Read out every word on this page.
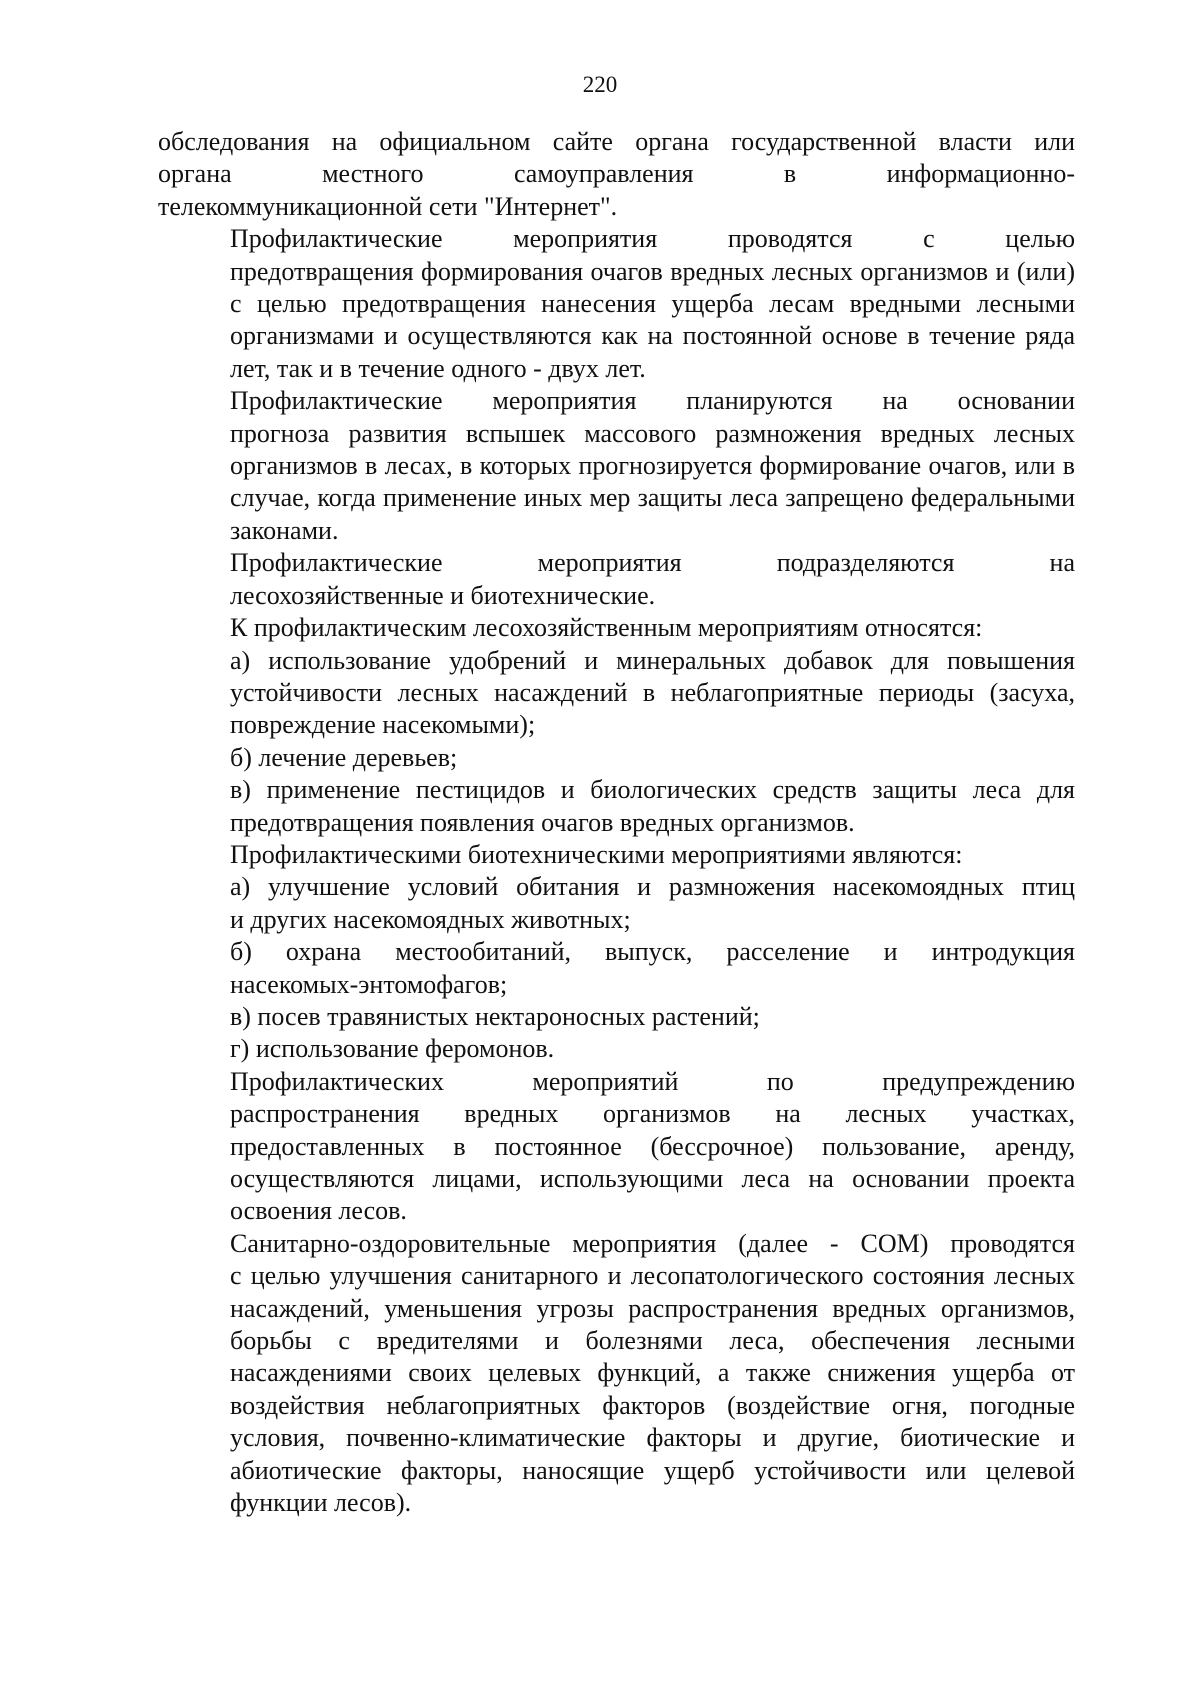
220

обследования на официальном сайте органа государственной власти или
органа местного самоуправления в информационно-
телекоммуникационной сети "Интернет".

Профилактические мероприятия проводятся с целью
предотвращения формирования очагов вредных лесных организмов и (или)
с целью предотвращения нанесения ущерба лесам вредными лесными
организмами и осуществляются как на постоянной основе в течение ряда
лет, так и в течение одного - двух лет.

Профилактические мероприятия планируются на основании
прогноза развития вспышек массового размножения вредных лесных
организмов в лесах, в которых прогнозируется формирование очагов, или в
случае, когда применение иных мер защиты леса запрещено федеральными
законами.

Профилактические мероприятия подразделяются на
лесохозяйственные и биотехнические.

К профилактическим лесохозяйственным мероприятиям относятся:

а) использование удобрений и минеральных добавок для повышения
устойчивости лесных насаждений в неблагоприятные периоды (засуха,
повреждение насекомыми);

б) лечение деревьев;

в) применение пестицидов и биологических средств защиты леса для
предотвращения появления очагов вредных организмов.

Профилактическими биотехническими мероприятиями являются:

а) улучшение условий обитания и размножения насекомоядных птиц
и других насекомоядных животных;

б) охрана местообитаний, выпуск, расселение и интродукция
насекомых-энтомофагов;

в) посев травянистых нектароносных растений;

г) использование феромонов.

Профилактических мероприятий по предупреждению
распространения вредных организмов на лесных участках,
предоставленных в постоянное (бессрочное) пользование, аренду,
осуществляются лицами, использующими леса на основании проекта
освоения лесов.

Санитарно-оздоровительные мероприятия (далее - СОМ) проводятся
с целью улучшения санитарного и лесопатологического состояния лесных
насаждений, уменьшения угрозы распространения вредных организмов,
борьбы с вредителями и болезнями леса, обеспечения лесными
насаждениями своих целевых функций, а также снижения ущерба от
воздействия неблагоприятных факторов (воздействие огня, погодные
условия, почвенно-климатические факторы и другие, биотические и
абиотические факторы, наносящие ущерб устойчивости или целевой
функции лесов).
